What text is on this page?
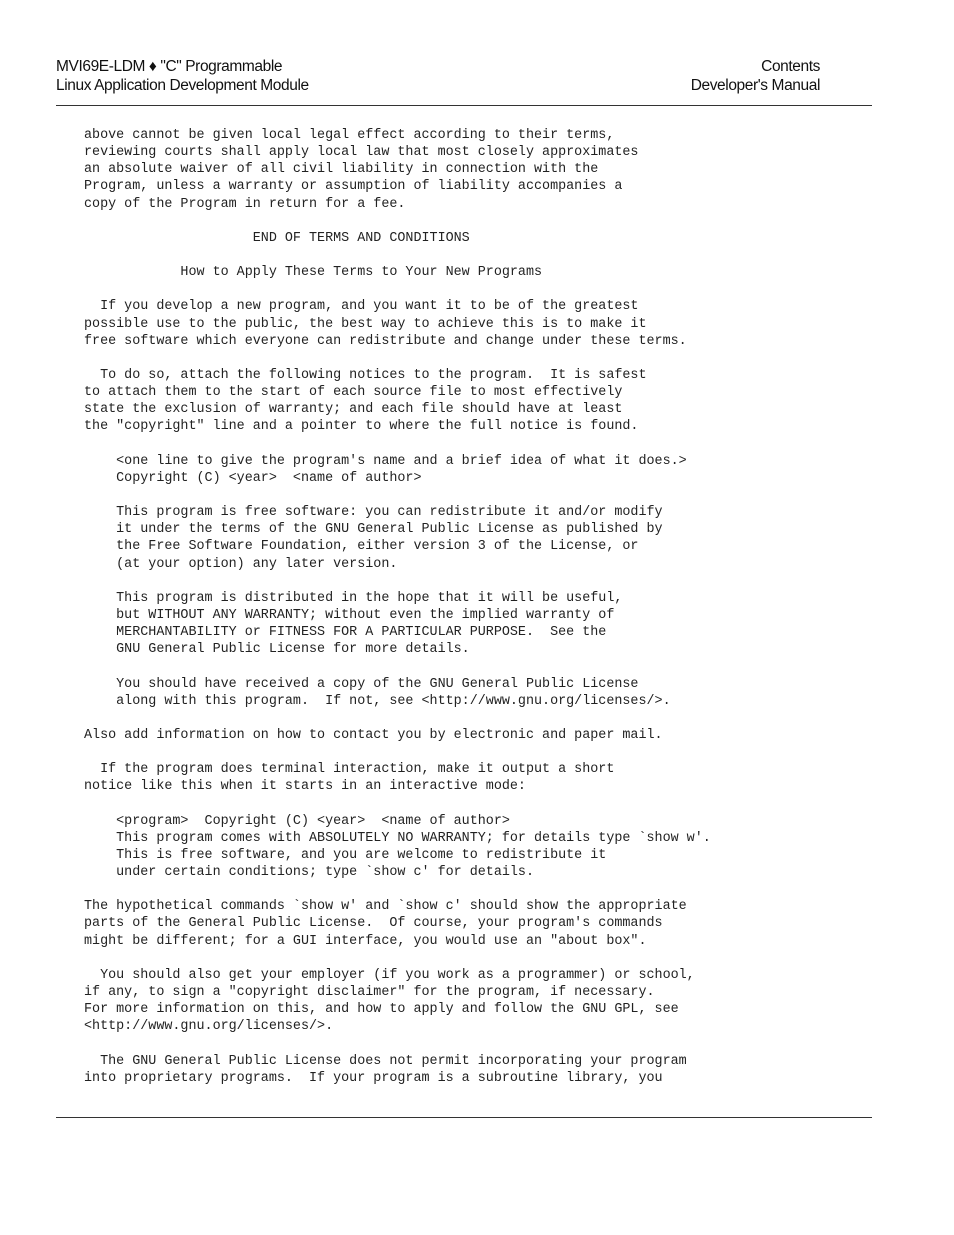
MVI69E-LDM ♦ "C" Programmable
Linux Application Development Module
Contents
Developer's Manual
above cannot be given local legal effect according to their terms,
reviewing courts shall apply local law that most closely approximates
an absolute waiver of all civil liability in connection with the
Program, unless a warranty or assumption of liability accompanies a
copy of the Program in return for a fee.
END OF TERMS AND CONDITIONS
How to Apply These Terms to Your New Programs
If you develop a new program, and you want it to be of the greatest
possible use to the public, the best way to achieve this is to make it
free software which everyone can redistribute and change under these terms.
To do so, attach the following notices to the program.  It is safest
to attach them to the start of each source file to most effectively
state the exclusion of warranty; and each file should have at least
the "copyright" line and a pointer to where the full notice is found.
<one line to give the program's name and a brief idea of what it does.>
Copyright (C) <year>  <name of author>
This program is free software: you can redistribute it and/or modify
it under the terms of the GNU General Public License as published by
the Free Software Foundation, either version 3 of the License, or
(at your option) any later version.
This program is distributed in the hope that it will be useful,
but WITHOUT ANY WARRANTY; without even the implied warranty of
MERCHANTABILITY or FITNESS FOR A PARTICULAR PURPOSE.  See the
GNU General Public License for more details.
You should have received a copy of the GNU General Public License
along with this program.  If not, see <http://www.gnu.org/licenses/>.
Also add information on how to contact you by electronic and paper mail.
If the program does terminal interaction, make it output a short
notice like this when it starts in an interactive mode:
<program>  Copyright (C) <year>  <name of author>
This program comes with ABSOLUTELY NO WARRANTY; for details type `show w'.
This is free software, and you are welcome to redistribute it
under certain conditions; type `show c' for details.
The hypothetical commands `show w' and `show c' should show the appropriate
parts of the General Public License.  Of course, your program's commands
might be different; for a GUI interface, you would use an "about box".
You should also get your employer (if you work as a programmer) or school,
if any, to sign a "copyright disclaimer" for the program, if necessary.
For more information on this, and how to apply and follow the GNU GPL, see
<http://www.gnu.org/licenses/>.
The GNU General Public License does not permit incorporating your program
into proprietary programs.  If your program is a subroutine library, you
